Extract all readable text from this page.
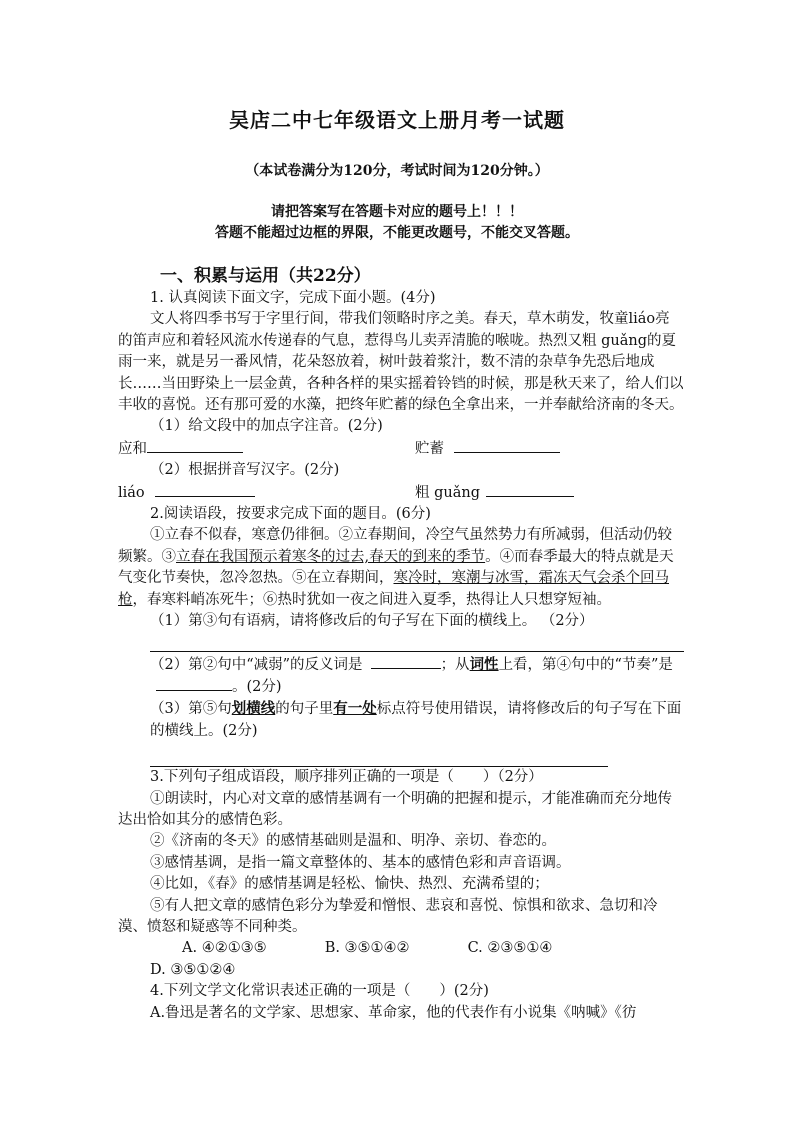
吴店二中七年级语文上册月考一试题
（本试卷满分为120分，考试时间为120分钟。）
请把答案写在答题卡对应的题号上！！！
答题不能超过边框的界限，不能更改题号，不能交叉答题。
一、积累与运用（共22分）

1. 认真阅读下面文字，完成下面小题。(4分)

文人将四季书写于字里行间，带我们领略时序之美。春天，草木萌发，牧童liáo亮的笛声应和着轻风流水传递春的气息，惹得鸟儿卖弄清脆的喉咙。热烈又粗 guǎng的夏雨一来，就是另一番风情，花朵怒放着，树叶鼓着浆汁，数不清的杂草争先恐后地成长……当田野染上一层金黄，各种各样的果实摇着铃铛的时候，那是秋天来了，给人们以丰收的喜悦。还有那可爱的水藻，把终年贮蓄的绿色全拿出来，一并奉献给济南的冬天。

（1）给文段中的加点字注音。(2分)

应和	贮蓄

（2）根据拼音写汉字。(2分)

liáo	粗 guǎng

2.阅读语段，按要求完成下面的题目。(6分)

①立春不似春，寒意仍徘徊。②立春期间，冷空气虽然势力有所减弱，但活动仍较频繁。③立春在我国预示着寒冬的过去,春天的到来的季节。④而春季最大的特点就是天气变化节奏快，忽冷忽热。⑤在立春期间，寒冷时，寒潮与冰雪，霜冻天气会杀个回马枪，春寒料峭冻死牛；⑥热时犹如一夜之间进入夏季，热得让人只想穿短袖。

（1）第③句有语病，请将修改后的句子写在下面的横线上。 （2分）

（2）第②句中“减弱”的反义词是	；从词性上看，第④句中的“节奏”是。(2分)

（3）第⑤句划横线的句子里有一处标点符号使用错误，请将修改后的句子写在下面的横线上。(2分)

3.下列句子组成语段，顺序排列正确的一项是（　　）（2分）

①朗读时，内心对文章的感情基调有一个明确的把握和提示，才能准确而充分地传达出恰如其分的感情色彩。

②《济南的冬天》的感情基础则是温和、明净、亲切、眷恋的。

③感情基调，是指一篇文章整体的、基本的感情色彩和声音语调。

④比如，《春》的感情基调是轻松、愉快、热烈、充满希望的；

⑤有人把文章的感情色彩分为挚爱和憎恨、悲哀和喜悦、惊惧和欲求、急切和冷漠、愤怒和疑惑等不同种类。

A. ④②①③⑤	B. ③⑤①④②	C. ②③⑤①④D. ③⑤①②④

4.下列文学文化常识表述正确的一项是（　　）(2分)

A.鲁迅是著名的文学家、思想家、革命家，他的代表作有小说集《呐喊》《彷
